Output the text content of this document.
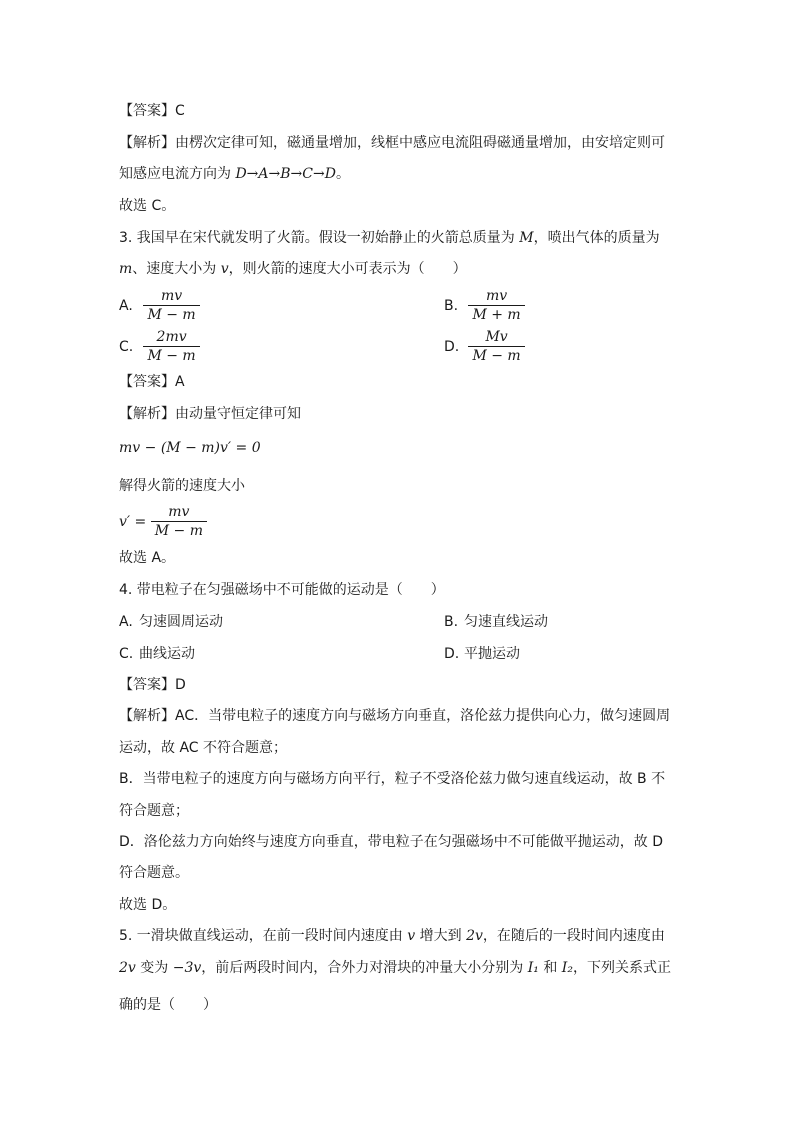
【答案】C
【解析】由楞次定律可知，磁通量增加，线框中感应电流阻碍磁通量增加，由安培定则可
知感应电流方向为 D→A→B→C→D。
故选 C。
3. 我国早在宋代就发明了火箭。假设一初始静止的火箭总质量为 M，喷出气体的质量为
m、速度大小为 v，则火箭的速度大小可表示为（　　）
A. $\frac{mv}{M - m}$	B. $\frac{mv}{M + m}$
C. $\frac{2mv}{M - m}$	D. $\frac{Mv}{M - m}$
【答案】A
【解析】由动量守恒定律可知
mv − (M − m)v′ = 0
解得火箭的速度大小
$v' = \frac{mv}{M - m}$
故选 A。
4. 带电粒子在匀强磁场中不可能做的运动是（　　）
A. 匀速圆周运动	B. 匀速直线运动
C. 曲线运动	D. 平抛运动
【答案】D
【解析】AC．当带电粒子的速度方向与磁场方向垂直，洛伦兹力提供向心力，做匀速圆周
运动，故 AC 不符合题意；
B．当带电粒子的速度方向与磁场方向平行，粒子不受洛伦兹力做匀速直线运动，故 B 不
符合题意；
D．洛伦兹力方向始终与速度方向垂直，带电粒子在匀强磁场中不可能做平抛运动，故 D
符合题意。
故选 D。
5. 一滑块做直线运动，在前一段时间内速度由 v 增大到 2v，在随后的一段时间内速度由
2v 变为 −3v，前后两段时间内，合外力对滑块的冲量大小分别为 I₁ 和 I₂，下列关系式正
确的是（　　）
